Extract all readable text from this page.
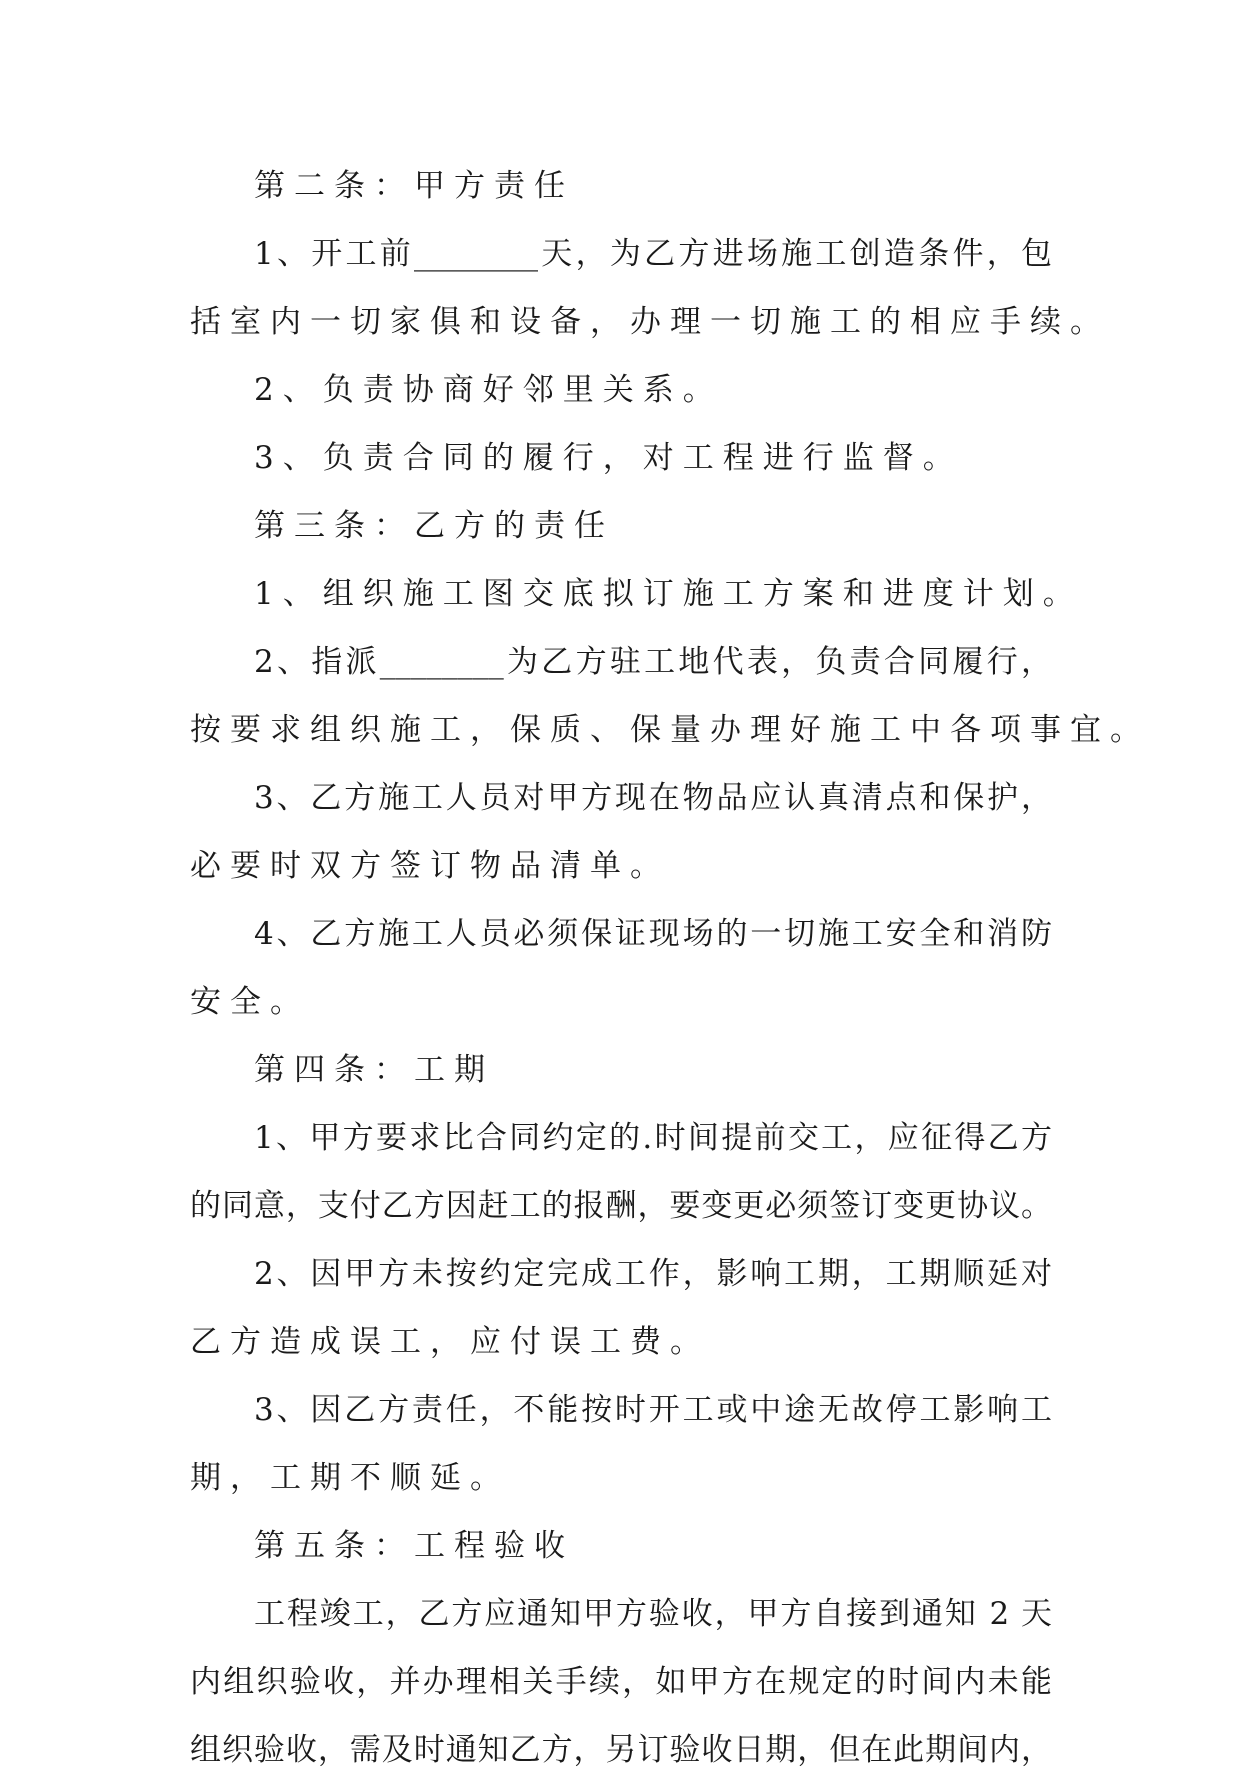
第二条：甲方责任
1、开工前________天，为乙方进场施工创造条件，包
括室内一切家俱和设备，办理一切施工的相应手续。
2、负责协商好邻里关系。
3、负责合同的履行，对工程进行监督。
第三条：乙方的责任
1、组织施工图交底拟订施工方案和进度计划。
2、指派________为乙方驻工地代表，负责合同履行，
按要求组织施工，保质、保量办理好施工中各项事宜。
3、乙方施工人员对甲方现在物品应认真清点和保护，
必要时双方签订物品清单。
4、乙方施工人员必须保证现场的一切施工安全和消防
安全。
第四条：工期
1、甲方要求比合同约定的.时间提前交工，应征得乙方
的同意，支付乙方因赶工的报酬，要变更必须签订变更协议。
2、因甲方未按约定完成工作，影响工期，工期顺延对
乙方造成误工，应付误工费。
3、因乙方责任，不能按时开工或中途无故停工影响工
期，工期不顺延。
第五条：工程验收
工程竣工，乙方应通知甲方验收，甲方自接到通知 2 天
内组织验收，并办理相关手续，如甲方在规定的时间内未能
组织验收，需及时通知乙方，另订验收日期，但在此期间内，
